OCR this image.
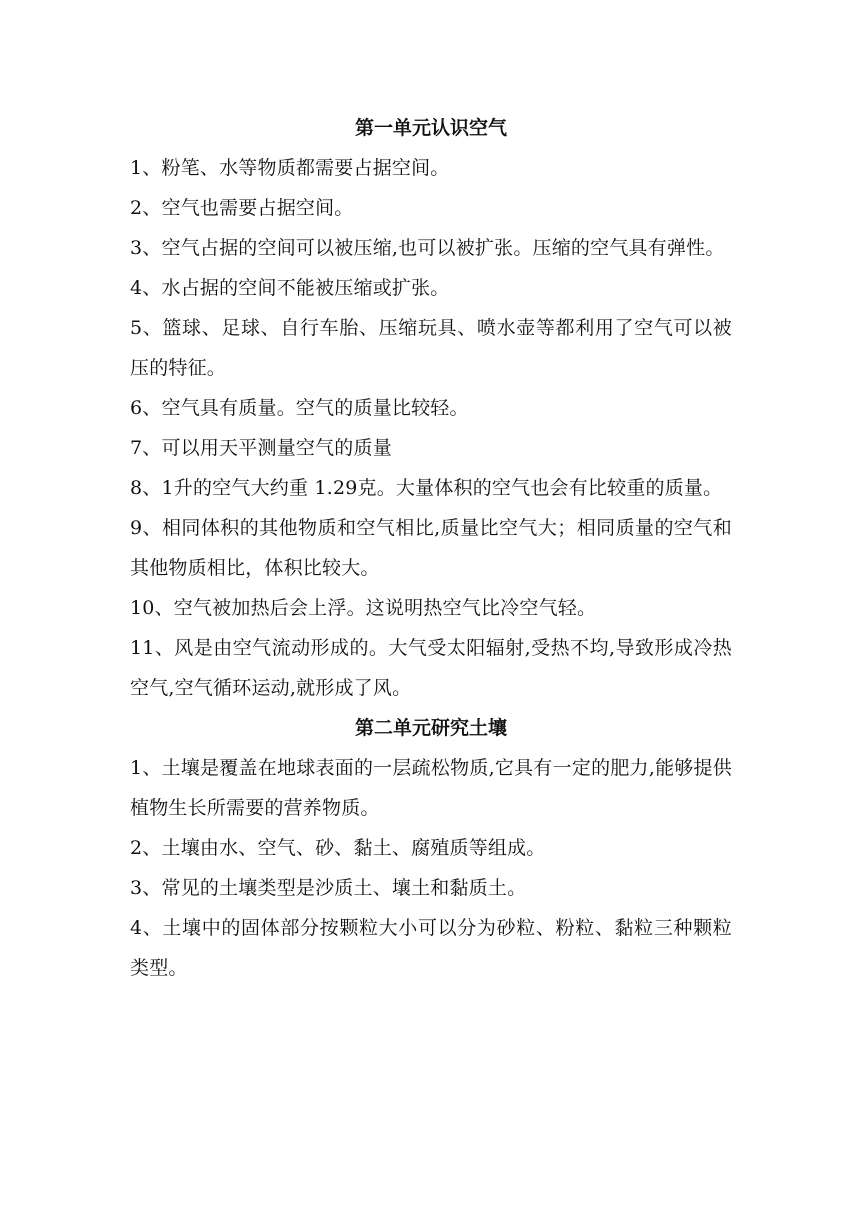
第一单元认识空气

1、粉笔、水等物质都需要占据空间。

2、空气也需要占据空间。

3、空气占据的空间可以被压缩,也可以被扩张。压缩的空气具有弹性。

4、水占据的空间不能被压缩或扩张。

5、篮球、足球、自行车胎、压缩玩具、喷水壶等都利用了空气可以被压的特征。

6、空气具有质量。空气的质量比较轻。

7、可以用天平测量空气的质量

8、1升的空气大约重 1.29克。大量体积的空气也会有比较重的质量。

9、相同体积的其他物质和空气相比,质量比空气大；相同质量的空气和其他物质相比，体积比较大。

10、空气被加热后会上浮。这说明热空气比冷空气轻。

11、风是由空气流动形成的。大气受太阳辐射,受热不均,导致形成冷热空气,空气循环运动,就形成了风。

第二单元研究土壤

1、土壤是覆盖在地球表面的一层疏松物质,它具有一定的肥力,能够提供植物生长所需要的营养物质。

2、土壤由水、空气、砂、黏土、腐殖质等组成。

3、常见的土壤类型是沙质土、壤土和黏质土。

4、土壤中的固体部分按颗粒大小可以分为砂粒、粉粒、黏粒三种颗粒类型。
